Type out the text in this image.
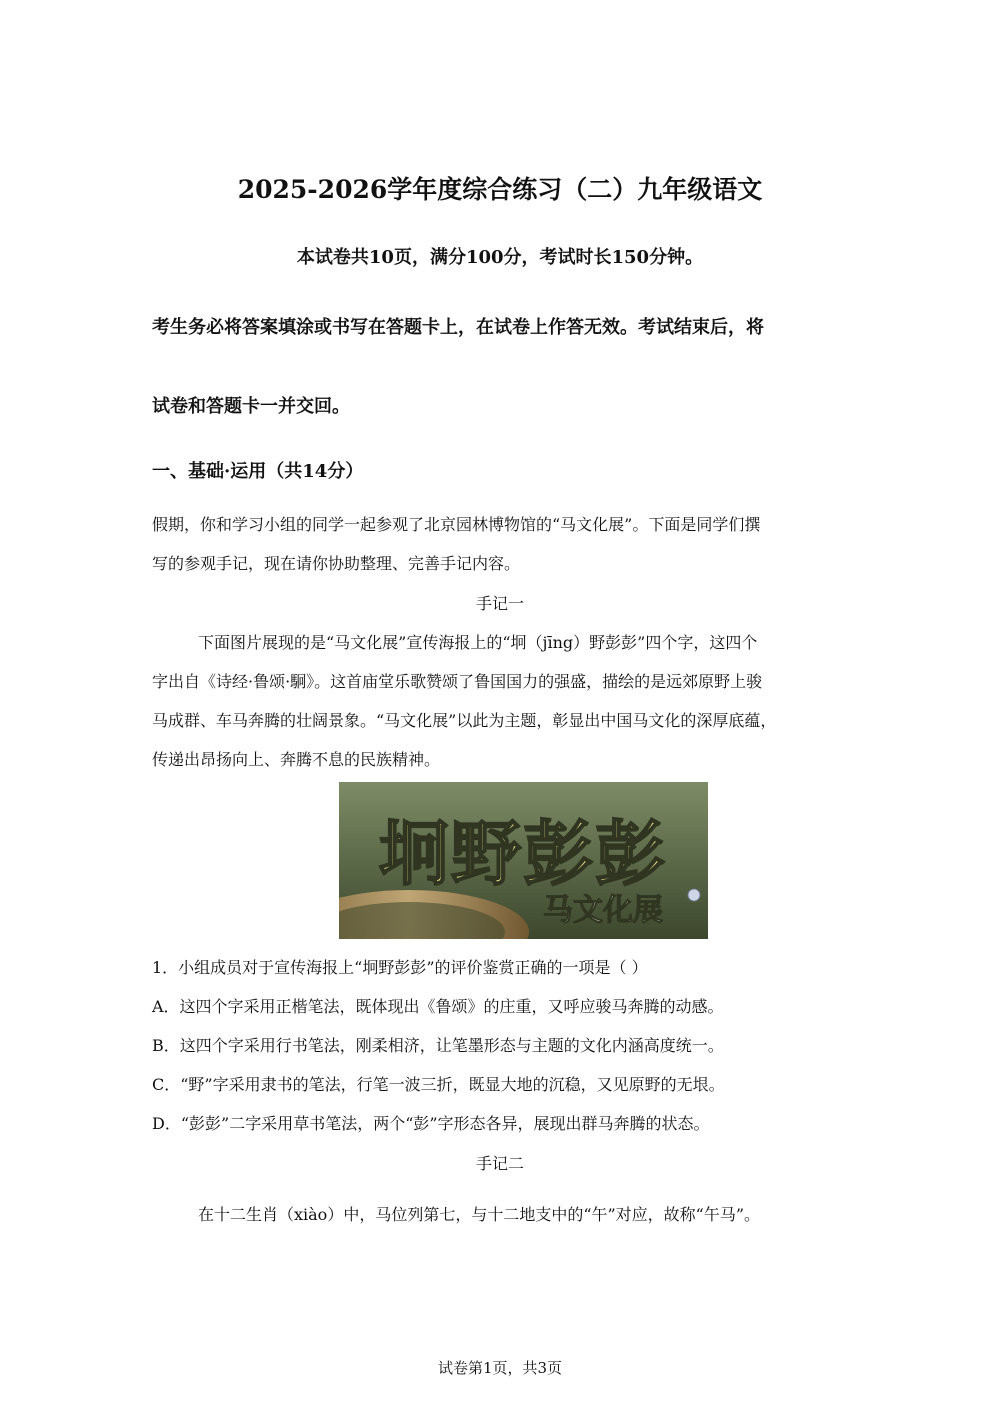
2025-2026学年度综合练习（二）九年级语文
本试卷共10页，满分100分，考试时长150分钟。
考生务必将答案填涂或书写在答题卡上，在试卷上作答无效。考试结束后，将
试卷和答题卡一并交回。
一、基础·运用（共14分）
假期，你和学习小组的同学一起参观了北京园林博物馆的“马文化展”。下面是同学们撰
写的参观手记，现在请你协助整理、完善手记内容。
手记一
下面图片展现的是“马文化展”宣传海报上的“坰（jīng）野彭彭”四个字，这四个
字出自《诗经·鲁颂·駉》。这首庙堂乐歌赞颂了鲁国国力的强盛，描绘的是远郊原野上骏
马成群、车马奔腾的壮阔景象。“马文化展”以此为主题，彰显出中国马文化的深厚底蕴，
传递出昂扬向上、奔腾不息的民族精神。
坰野彭彭
马文化展
1．小组成员对于宣传海报上“坰野彭彭”的评价鉴赏正确的一项是（ ）
A．这四个字采用正楷笔法，既体现出《鲁颂》的庄重，又呼应骏马奔腾的动感。
B．这四个字采用行书笔法，刚柔相济，让笔墨形态与主题的文化内涵高度统一。
C．“野”字采用隶书的笔法，行笔一波三折，既显大地的沉稳，又见原野的无垠。
D．“彭彭”二字采用草书笔法，两个“彭”字形态各异，展现出群马奔腾的状态。
手记二
在十二生肖（xiào）中，马位列第七，与十二地支中的“午”对应，故称“午马”。
试卷第1页，共3页
